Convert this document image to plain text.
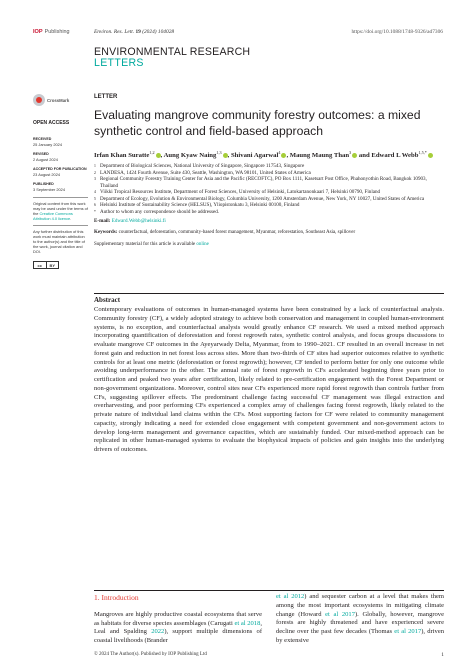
IOP Publishing	Environ. Res. Lett. 19 (2024) 104028	https://doi.org/10.1088/1748-9326/ad7306
ENVIRONMENTAL RESEARCH
LETTERS
CrossMark
OPEN ACCESS
RECEIVED
25 January 2024
REVISED
2 August 2024
ACCEPTED FOR PUBLICATION
23 August 2024
PUBLISHED
3 September 2024
Original content from this work may be used under the terms of the Creative Commons Attribution 4.0 licence.
Any further distribution of this work must maintain attribution to the author(s) and the title of the work, journal citation and DOI.
cc	BY
LETTER
Evaluating mangrove community forestry outcomes: a mixed synthetic control and field-based approach
Irfan Khan Suratte$^{1,2}$ , Aung Kyaw Naing$^{1,3}$ , Shivani Agarwal$^4$ , Maung Maung Than$^3$ and Edward L Webb$^{1,5,*}$
1 Department of Biological Sciences, National University of Singapore, Singapore 117543, Singapore
2 LANDESA, 1424 Fourth Avenue, Suite 430, Seattle, Washington, WA 98101, United States of America
3 Regional Community Forestry Training Center for Asia and the Pacific (RECOFTC), PO Box 1111, Kasetsart Post Office, Phahonyothin Road, Bangkok 10903, Thailand
4 Viikki Tropical Resources Institute, Department of Forest Sciences, University of Helsinki, Latokartanonkaari 7, Helsinki 00790, Finland
5 Department of Ecology, Evolution & Environmental Biology, Columbia University, 1200 Amsterdam Avenue, New York, NY 10027, United States of America
6 Helsinki Institute of Sustainability Science (HELSUS), Yliopistonkatu 3, Helsinki 00100, Finland
* Author to whom any correspondence should be addressed.
E-mail: Edward.Webb@helsinki.fi
Keywords: counterfactual, deforestation, community-based forest management, Myanmar, reforestation, Southeast Asia, spillover
Supplementary material for this article is available online
Abstract
Contemporary evaluations of outcomes in human-managed systems have been constrained by a lack of counterfactual analysis. Community forestry (CF), a widely adopted strategy to achieve both conservation and management in coupled human-environment systems, is no exception, and counterfactual analysis would greatly enhance CF research. We used a mixed method approach incorporating quantification of deforestation and forest regrowth rates, synthetic control analysis, and focus groups discussions to evaluate mangrove CF outcomes in the Ayeyarwady Delta, Myanmar, from to 1990–2021. CF resulted in an overall increase in net forest gain and reduction in net forest loss across sites. More than two-thirds of CF sites had superior outcomes relative to synthetic controls for at least one metric (deforestation or forest regrowth); however, CF tended to perform better for only one outcome while avoiding underperformance in the other. The annual rate of forest regrowth in CFs accelerated beginning three years prior to certification and peaked two years after certification, likely related to pre-certification engagement with the Forest Department or non-government organizations. Moreover, control sites near CFs experienced more rapid forest regrowth than controls further from CFs, suggesting spillover effects. The predominant challenge facing successful CF management was illegal extraction and overharvesting, and poor performing CFs experienced a complex array of challenges facing forest regrowth, likely related to the private nature of individual land claims within the CFs. Most supporting factors for CF were related to community management capacity, strongly indicating a need for extended close engagement with competent government and non-government actors to develop long-term management and governance capacities, which are sustainably funded. Our mixed-method approach can be replicated in other human-managed systems to evaluate the biophysical impacts of policies and gain insights into the underlying drivers of outcomes.
1. Introduction
Mangroves are highly productive coastal ecosystems that serve as habitats for diverse species assemblages (Carugati et al 2018, Leal and Spalding 2022), support multiple dimensions of coastal livelihoods (Brander
et al 2012) and sequester carbon at a level that makes them among the most important ecosystems in mitigating climate change (Howard et al 2017). Globally, however, mangrove forests are highly threatened and have experienced severe decline over the past few decades (Thomas et al 2017), driven by extensive
© 2024 The Author(s). Published by IOP Publishing Ltd	1
